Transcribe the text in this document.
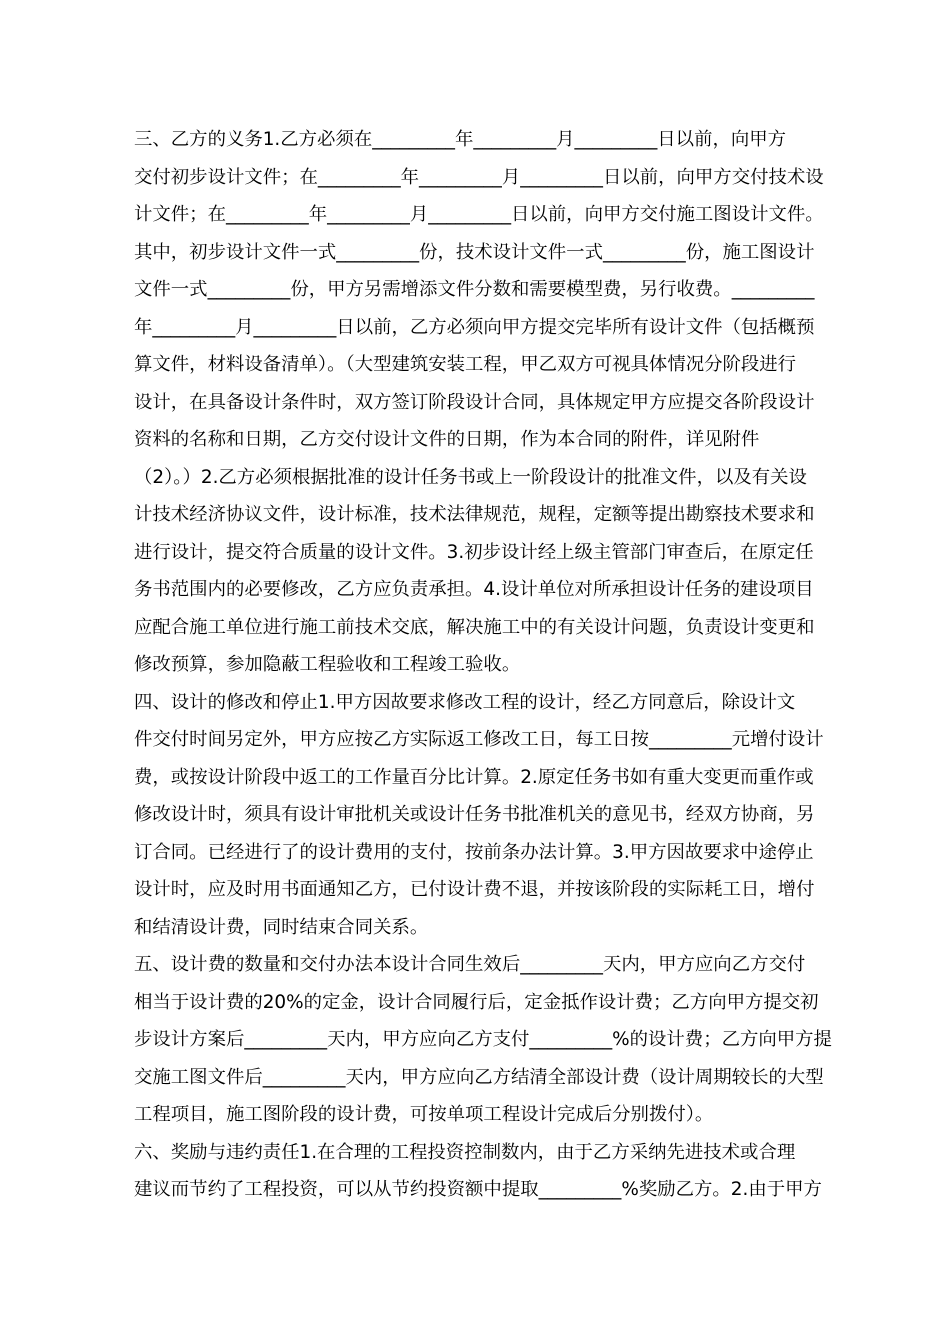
三、乙方的义务1.乙方必须在_________年_________月_________日以前，向甲方
交付初步设计文件；在_________年_________月_________日以前，向甲方交付技术设
计文件；在_________年_________月_________日以前，向甲方交付施工图设计文件。
其中，初步设计文件一式_________份，技术设计文件一式_________份，施工图设计
文件一式_________份，甲方另需增添文件分数和需要模型费，另行收费。_________
年_________月_________日以前，乙方必须向甲方提交完毕所有设计文件（包括概预
算文件，材料设备清单）。（大型建筑安装工程，甲乙双方可视具体情况分阶段进行
设计，在具备设计条件时，双方签订阶段设计合同，具体规定甲方应提交各阶段设计
资料的名称和日期，乙方交付设计文件的日期，作为本合同的附件，详见附件
（2）。）2.乙方必须根据批准的设计任务书或上一阶段设计的批准文件，以及有关设
计技术经济协议文件，设计标准，技术法律规范，规程，定额等提出勘察技术要求和
进行设计，提交符合质量的设计文件。3.初步设计经上级主管部门审查后，在原定任
务书范围内的必要修改，乙方应负责承担。4.设计单位对所承担设计任务的建设项目
应配合施工单位进行施工前技术交底，解决施工中的有关设计问题，负责设计变更和
修改预算，参加隐蔽工程验收和工程竣工验收。

四、设计的修改和停止1.甲方因故要求修改工程的设计，经乙方同意后，除设计文
件交付时间另定外，甲方应按乙方实际返工修改工日，每工日按_________元增付设计
费，或按设计阶段中返工的工作量百分比计算。2.原定任务书如有重大变更而重作或
修改设计时，须具有设计审批机关或设计任务书批准机关的意见书，经双方协商，另
订合同。已经进行了的设计费用的支付，按前条办法计算。3.甲方因故要求中途停止
设计时，应及时用书面通知乙方，已付设计费不退，并按该阶段的实际耗工日，增付
和结清设计费，同时结束合同关系。

五、设计费的数量和交付办法本设计合同生效后_________天内，甲方应向乙方交付
相当于设计费的20%的定金，设计合同履行后，定金抵作设计费；乙方向甲方提交初
步设计方案后_________天内，甲方应向乙方支付_________%的设计费；乙方向甲方提
交施工图文件后_________天内，甲方应向乙方结清全部设计费（设计周期较长的大型
工程项目，施工图阶段的设计费，可按单项工程设计完成后分别拨付）。

六、奖励与违约责任1.在合理的工程投资控制数内，由于乙方采纳先进技术或合理
建议而节约了工程投资，可以从节约投资额中提取_________%奖励乙方。2.由于甲方
